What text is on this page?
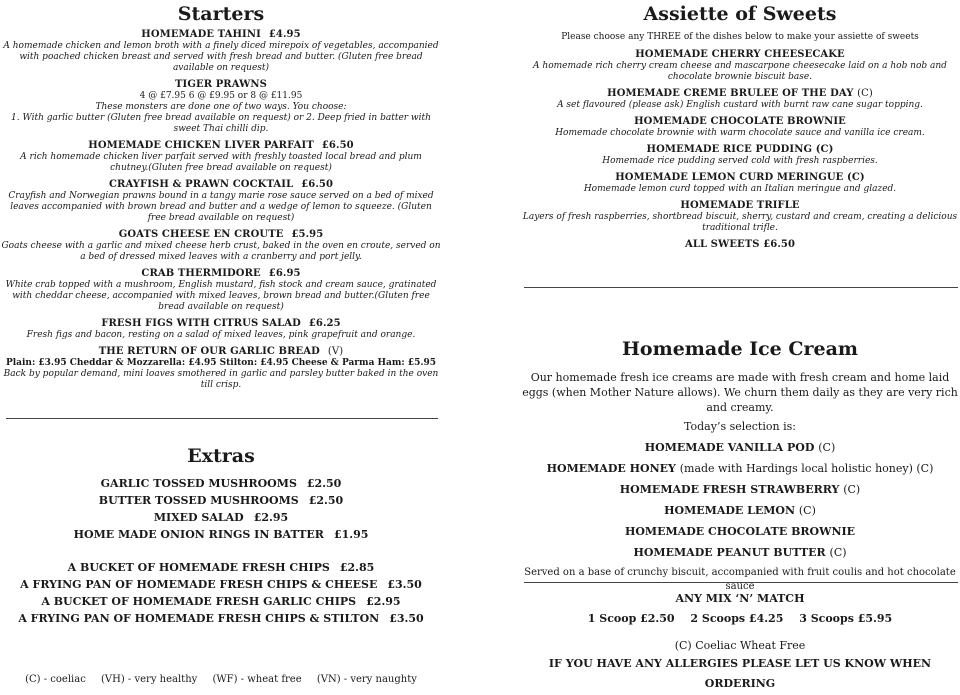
Starters
HOMEMADE TAHINI £4.95
A homemade chicken and lemon broth with a finely diced mirepoix of vegetables, accompanied with poached chicken breast and served with fresh bread and butter. (Gluten free bread available on request)
TIGER PRAWNS
4 @ £7.95 6 @ £9.95 or 8 @ £11.95
These monsters are done one of two ways. You choose:
1. With garlic butter (Gluten free bread available on request) or 2. Deep fried in batter with sweet Thai chilli dip.
HOMEMADE CHICKEN LIVER PARFAIT £6.50
A rich homemade chicken liver parfait served with freshly toasted local bread and plum chutney.(Gluten free bread available on request)
CRAYFISH & PRAWN COCKTAIL £6.50
Crayfish and Norwegian prawns bound in a tangy marie rose sauce served on a bed of mixed leaves accompanied with brown bread and butter and a wedge of lemon to squeeze. (Gluten free bread available on request)
GOATS CHEESE EN CROUTE £5.95
Goats cheese with a garlic and mixed cheese herb crust, baked in the oven en croute, served on a bed of dressed mixed leaves with a cranberry and port jelly.
CRAB THERMIDORE £6.95
White crab topped with a mushroom, English mustard, fish stock and cream sauce, gratinated with cheddar cheese, accompanied with mixed leaves, brown bread and butter.(Gluten free bread available on request)
FRESH FIGS WITH CITRUS SALAD £6.25
Fresh figs and bacon, resting on a salad of mixed leaves, pink grapefruit and orange.
THE RETURN OF OUR GARLIC BREAD (V)
Plain: £3.95 Cheddar & Mozzarella: £4.95 Stilton: £4.95 Cheese & Parma Ham: £5.95
Back by popular demand, mini loaves smothered in garlic and parsley butter baked in the oven till crisp.
Extras
GARLIC TOSSED MUSHROOMS £2.50
BUTTER TOSSED MUSHROOMS £2.50
MIXED SALAD £2.95
HOME MADE ONION RINGS IN BATTER £1.95
A BUCKET OF HOMEMADE FRESH CHIPS £2.85
A FRYING PAN OF HOMEMADE FRESH CHIPS & CHEESE £3.50
A BUCKET OF HOMEMADE FRESH GARLIC CHIPS £2.95
A FRYING PAN OF HOMEMADE FRESH CHIPS & STILTON £3.50
(C) - coeliac (VH) - very healthy (WF) - wheat free (VN) - very naughty
Assiette of Sweets
Please choose any THREE of the dishes below to make your assiette of sweets
HOMEMADE CHERRY CHEESECAKE
A homemade rich cherry cream cheese and mascarpone cheesecake laid on a hob nob and chocolate brownie biscuit base.
HOMEMADE CREME BRULEE OF THE DAY (C)
A set flavoured (please ask) English custard with burnt raw cane sugar topping.
HOMEMADE CHOCOLATE BROWNIE
Homemade chocolate brownie with warm chocolate sauce and vanilla ice cream.
HOMEMADE RICE PUDDING (C)
Homemade rice pudding served cold with fresh raspberries.
HOMEMADE LEMON CURD MERINGUE (C)
Homemade lemon curd topped with an Italian meringue and glazed.
HOMEMADE TRIFLE
Layers of fresh raspberries, shortbread biscuit, sherry, custard and cream, creating a delicious traditional trifle.
ALL SWEETS £6.50
Homemade Ice Cream
Our homemade fresh ice creams are made with fresh cream and home laid eggs (when Mother Nature allows). We churn them daily as they are very rich and creamy.
Today’s selection is:
HOMEMADE VANILLA POD (C)
HOMEMADE HONEY (made with Hardings local holistic honey) (C)
HOMEMADE FRESH STRAWBERRY (C)
HOMEMADE LEMON (C)
HOMEMADE CHOCOLATE BROWNIE
HOMEMADE PEANUT BUTTER (C)
Served on a base of crunchy biscuit, accompanied with fruit coulis and hot chocolate sauce
ANY MIX ‘N’ MATCH
1 Scoop £2.50 2 Scoops £4.25 3 Scoops £5.95
(C) Coeliac Wheat Free
IF YOU HAVE ANY ALLERGIES PLEASE LET US KNOW WHEN ORDERING
